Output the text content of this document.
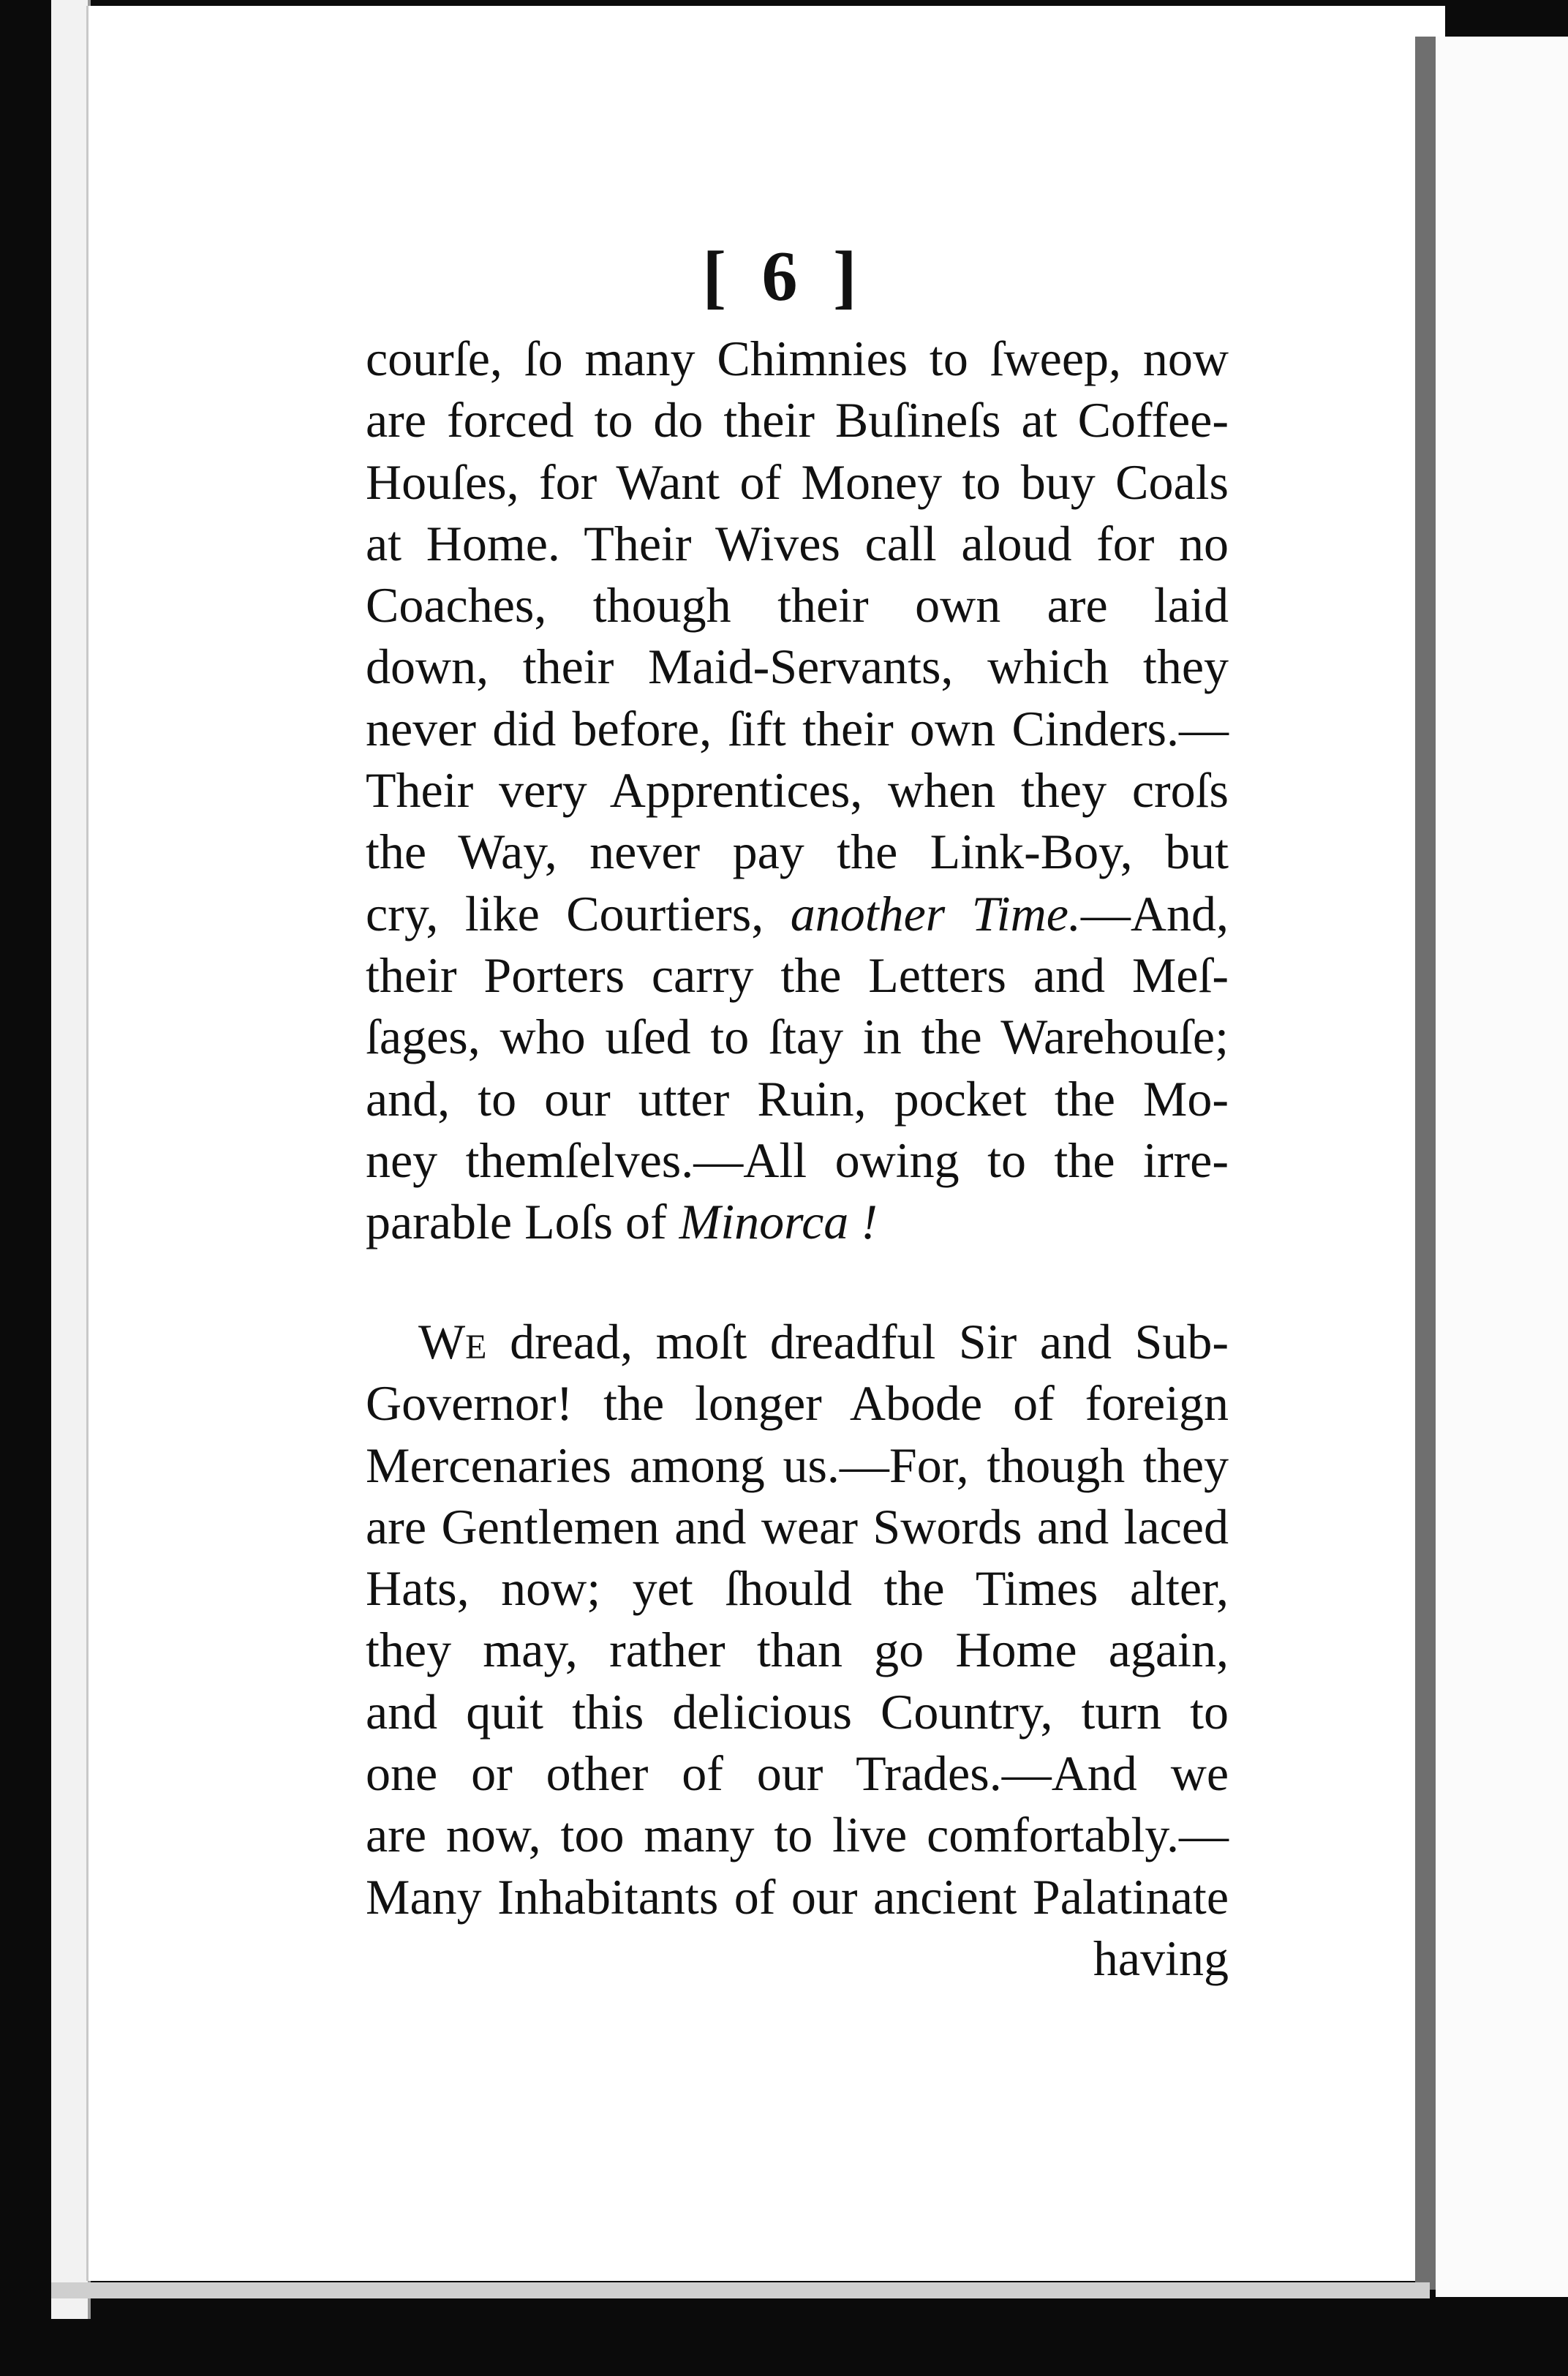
[ 6 ]
courſe, ſo many Chimnies to ſweep, now
are forced to do their Buſineſs at Coffee-
Houſes, for Want of Money to buy Coals
at Home. Their Wives call aloud for no
Coaches, though their own are laid
down, their Maid-Servants, which they
never did before, ſift their own Cinders.—
Their very Apprentices, when they croſs
the Way, never pay the Link-Boy, but
cry, like Courtiers, another Time.—And,
their Porters carry the Letters and Meſ-
ſages, who uſed to ſtay in the Warehouſe;
and, to our utter Ruin, pocket the Mo-
ney themſelves.—All owing to the irre-
parable Loſs of Minorca !
We dread, moſt dreadful Sir and Sub-
Governor! the longer Abode of foreign
Mercenaries among us.—For, though they
are Gentlemen and wear Swords and laced
Hats, now; yet ſhould the Times alter,
they may, rather than go Home again,
and quit this delicious Country, turn to
one or other of our Trades.—And we
are now, too many to live comfortably.—
Many Inhabitants of our ancient Palatinate
having
